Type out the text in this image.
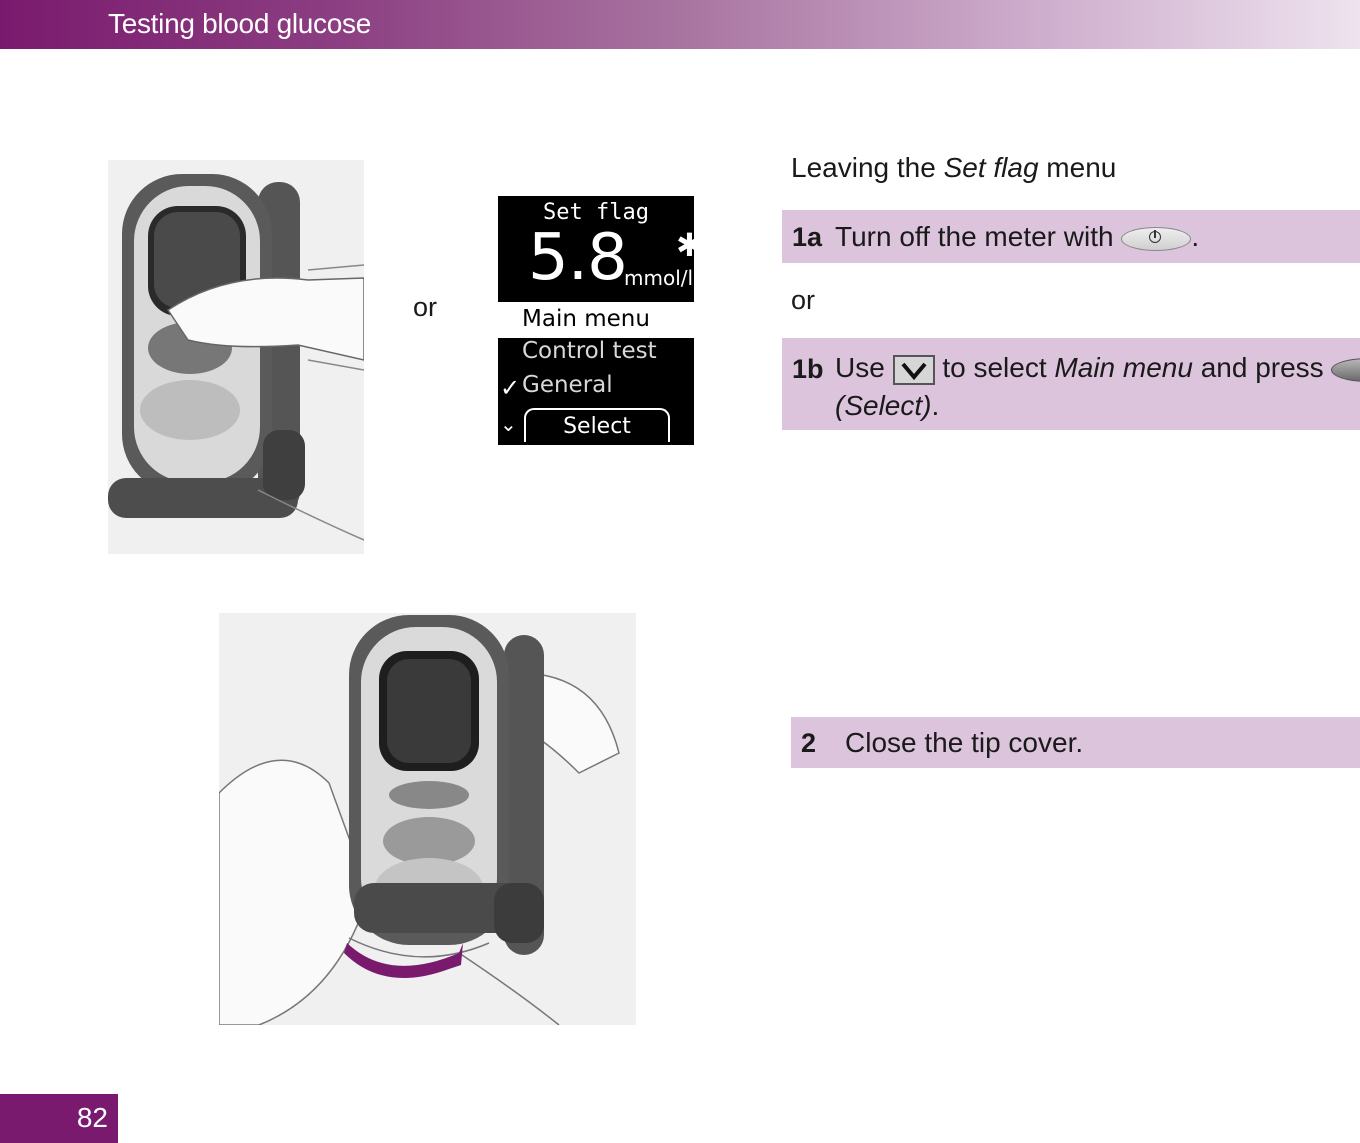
Testing blood glucose
or
Set flag
5.8
mmol/l
✱
Main menu
Control test
✓ General
⌄	Select
Leaving the Set flag menu
1a Turn off the meter with	.
or
1b Use  to select Main menu and press
(Select).
2 Close the tip cover.
82
